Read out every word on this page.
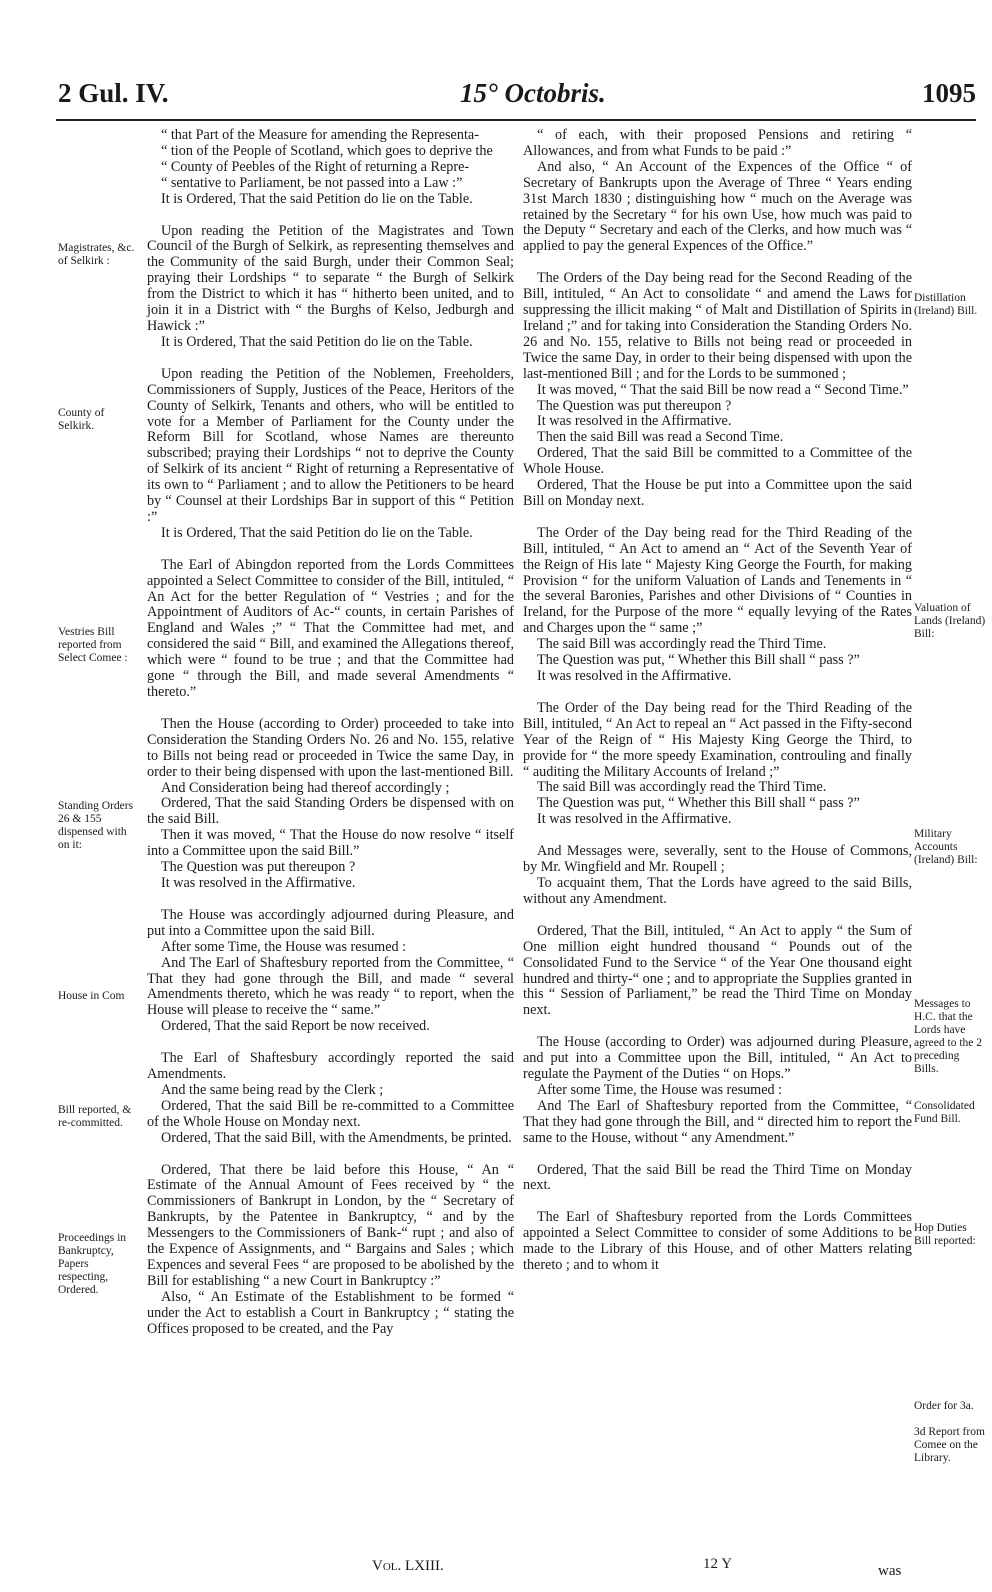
2 Gul. IV.	15° Octobris.	1095

“ that Part of the Measure for amending the Representa-

“ tion of the People of Scotland, which goes to deprive the

“ County of Peebles of the Right of returning a Repre-

“ sentative to Parliament, be not passed into a Law :”

It is Ordered, That the said Petition do lie on the Table.

Upon reading the Petition of the Magistrates and Town Council of the Burgh of Selkirk, as representing themselves and the Community of the said Burgh, under their Common Seal; praying their Lordships “ to separate “ the Burgh of Selkirk from the District to which it has “ hitherto been united, and to join it in a District with “ the Burghs of Kelso, Jedburgh and Hawick :”

It is Ordered, That the said Petition do lie on the Table.

Upon reading the Petition of the Noblemen, Freeholders, Commissioners of Supply, Justices of the Peace, Heritors of the County of Selkirk, Tenants and others, who will be entitled to vote for a Member of Parliament for the County under the Reform Bill for Scotland, whose Names are thereunto subscribed; praying their Lordships “ not to deprive the County of Selkirk of its ancient “ Right of returning a Representative of its own to “ Parliament ; and to allow the Petitioners to be heard by “ Counsel at their Lordships Bar in support of this “ Petition :”

It is Ordered, That the said Petition do lie on the Table.

The Earl of Abingdon reported from the Lords Committees appointed a Select Committee to consider of the Bill, intituled, “ An Act for the better Regulation of “ Vestries ; and for the Appointment of Auditors of Ac-“ counts, in certain Parishes of England and Wales ;” “ That the Committee had met, and considered the said “ Bill, and examined the Allegations thereof, which were “ found to be true ; and that the Committee had gone “ through the Bill, and made several Amendments “ thereto.”

Then the House (according to Order) proceeded to take into Consideration the Standing Orders No. 26 and No. 155, relative to Bills not being read or proceeded in Twice the same Day, in order to their being dispensed with upon the last-mentioned Bill.

And Consideration being had thereof accordingly ;

Ordered, That the said Standing Orders be dispensed with on the said Bill.

Then it was moved, “ That the House do now resolve “ itself into a Committee upon the said Bill.”

The Question was put thereupon ?

It was resolved in the Affirmative.

The House was accordingly adjourned during Pleasure, and put into a Committee upon the said Bill.

After some Time, the House was resumed :

And The Earl of Shaftesbury reported from the Committee, “ That they had gone through the Bill, and made “ several Amendments thereto, which he was ready “ to report, when the House will please to receive the “ same.”

Ordered, That the said Report be now received.

The Earl of Shaftesbury accordingly reported the said Amendments.

And the same being read by the Clerk ;

Ordered, That the said Bill be re-committed to a Committee of the Whole House on Monday next.

Ordered, That the said Bill, with the Amendments, be printed.

Ordered, That there be laid before this House, “ An “ Estimate of the Annual Amount of Fees received by “ the Commissioners of Bankrupt in London, by the “ Secretary of Bankrupts, by the Patentee in Bankruptcy, “ and by the Messengers to the Commissioners of Bank-“ rupt ; and also of the Expence of Assignments, and “ Bargains and Sales ; which Expences and several Fees “ are proposed to be abolished by the Bill for establishing “ a new Court in Bankruptcy :”

Also, “ An Estimate of the Establishment to be formed “ under the Act to establish a Court in Bankruptcy ; “ stating the Offices proposed to be created, and the Pay

“ of each, with their proposed Pensions and retiring “ Allowances, and from what Funds to be paid :”

And also, “ An Account of the Expences of the Office “ of Secretary of Bankrupts upon the Average of Three “ Years ending 31st March 1830 ; distinguishing how “ much on the Average was retained by the Secretary “ for his own Use, how much was paid to the Deputy “ Secretary and each of the Clerks, and how much was “ applied to pay the general Expences of the Office.”

The Orders of the Day being read for the Second Reading of the Bill, intituled, “ An Act to consolidate “ and amend the Laws for suppressing the illicit making “ of Malt and Distillation of Spirits in Ireland ;” and for taking into Consideration the Standing Orders No. 26 and No. 155, relative to Bills not being read or proceeded in Twice the same Day, in order to their being dispensed with upon the last-mentioned Bill ; and for the Lords to be summoned ;

It was moved, “ That the said Bill be now read a “ Second Time.”

The Question was put thereupon ?

It was resolved in the Affirmative.

Then the said Bill was read a Second Time.

Ordered, That the said Bill be committed to a Committee of the Whole House.

Ordered, That the House be put into a Committee upon the said Bill on Monday next.

The Order of the Day being read for the Third Reading of the Bill, intituled, “ An Act to amend an “ Act of the Seventh Year of the Reign of His late “ Majesty King George the Fourth, for making Provision “ for the uniform Valuation of Lands and Tenements in “ the several Baronies, Parishes and other Divisions of “ Counties in Ireland, for the Purpose of the more “ equally levying of the Rates and Charges upon the “ same ;”

The said Bill was accordingly read the Third Time.

The Question was put, “ Whether this Bill shall “ pass ?”

It was resolved in the Affirmative.

The Order of the Day being read for the Third Reading of the Bill, intituled, “ An Act to repeal an “ Act passed in the Fifty-second Year of the Reign of “ His Majesty King George the Third, to provide for “ the more speedy Examination, controuling and finally “ auditing the Military Accounts of Ireland ;”

The said Bill was accordingly read the Third Time.

The Question was put, “ Whether this Bill shall “ pass ?”

It was resolved in the Affirmative.

And Messages were, severally, sent to the House of Commons, by Mr. Wingfield and Mr. Roupell ;

To acquaint them, That the Lords have agreed to the said Bills, without any Amendment.

Ordered, That the Bill, intituled, “ An Act to apply “ the Sum of One million eight hundred thousand “ Pounds out of the Consolidated Fund to the Service “ of the Year One thousand eight hundred and thirty-“ one ; and to appropriate the Supplies granted in this “ Session of Parliament,” be read the Third Time on Monday next.

The House (according to Order) was adjourned during Pleasure, and put into a Committee upon the Bill, intituled, “ An Act to regulate the Payment of the Duties “ on Hops.”

After some Time, the House was resumed :

And The Earl of Shaftesbury reported from the Committee, “ That they had gone through the Bill, and “ directed him to report the same to the House, without “ any Amendment.”

Ordered, That the said Bill be read the Third Time on Monday next.

The Earl of Shaftesbury reported from the Lords Committees appointed a Select Committee to consider of some Additions to be made to the Library of this House, and of other Matters relating thereto ; and to whom it

Magistrates, &c. of Selkirk :
County of Selkirk.
Vestries Bill reported from Select Comee :
Standing Orders 26 & 155 dispensed with on it:
House in Com
Bill reported, & re-committed.
Proceedings in Bankruptcy, Papers respecting, Ordered.
Distillation (Ireland) Bill.
Valuation of Lands (Ireland) Bill:
Military Accounts (Ireland) Bill:
Messages to H.C. that the Lords have agreed to the 2 preceding Bills.
Consolidated Fund Bill.
Hop Duties Bill reported:
Order for 3a.
3d Report from Comee on the Library.
Vol. LXIII.	12 Y	was
